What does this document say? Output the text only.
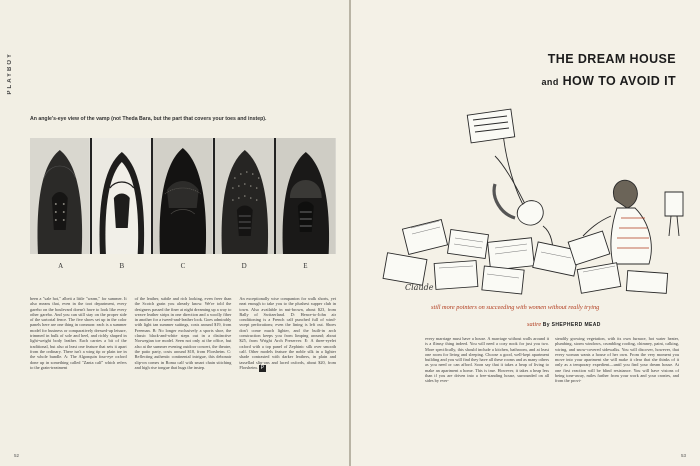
PLAYBOY
An angle's-eye view of the vamp (not Theda Bara, but the part that covers your toes and instep).
A	B	C	D	E
been a "sale hot," albeit a little "warm," for summer. It also means that, even in the toot department, every gareho on the boulevard doesn't have to look like every other gareho. And you can still stay on the proper side of the sartorial fence. The five shoes set up in the color panels here are one thing in common: each is a summer model for business or comparatively dressed-up leisure, trimmed in bulk of sole and heel, and richly shaped in light-weight body leather. Each carries a bit of the traditional, but also at least one feature that sets it apart from the ordinary. There isn't a wing tip or plain toe in the whole bundle. A: The Algonquin four-eye oxford done up in something called "Zanta calf" which refers to the grain-treatment
of the leather, subtle and rich looking, even freer than the Scotch grain you already know. We're told the designers passed the finer at night dreaming up a way to weave leather strips in one direction and a woolly fiber in another for a tweed-and-leather look. Goes admirably with light tan summer suitings, costs around $19, from Freeman. B: No longer exclusively a sports shoe, the classic black-and-white steps out in a distinctive Norwegian toe model. Seen not only at the office, but also at the summer evening outdoor concert, the theatre, the patio party, costs around $18, from Florsheim. C: Reflecting authentic continental intrigue, this debonair slip-on comes in Roma calf with smart chain stitching and high rise tongue that hugs the instep.
An exceptionally wise companion for walk shorts, yet neat enough to take you to the plushest supper club in town. Also available in nut-brown, about $23, from Bally of Switzerland. D: Hence-to-John air conditioning is a French calf punched full of wind-swept perforations; even the lining is left out. Shoes don't come much lighter, and the built-in arch construction keeps you from limping around; about $25, from Wright Arch Preserver. E: A three-eyelet oxford with a top panel of Zephinic silk over smooth calf. Other models feature the noble silk in a lighter shade contrasted with darker leathers, in plain and tassellad slip-ons and laced oxfords, about $20, from Florsheim. P
52
THE DREAM HOUSE
and HOW TO AVOID IT
Claude
still more pointers on succeeding with women without really trying
satire By SHEPHERD MEAD
every marriage must have a house. A marriage without walls around it is a flimsy thing indeed. You will need a cozy nook for just you two. More specifically, this should include a kitchen, bathroom, and at least one room for living and sleeping. Choose a good, well-kept apartment building and you will find they have all these rooms and as many others as you need or can afford. Soon say that it takes a heap of living to make an apartment a home. This is true. However, it takes a heap less than if you are driven into a free-standing house, surrounded on all sides by ever-
steadily growing vegetation, with its own furnace, hot water heater, plumbing, storm windows, crumbling roofing, chimney, paint, calking, wiring, and snow-covered sidewalks. You will discover, however, that every woman wants a house of her own. From the very moment you move into your apartment she will make it clear that she thinks of it only as a temporary expedient—until you find your dream house. At one first reaction will be blind resistance. You will have visions of being tone-away, miles farther from your work and your cronies, and from the provi-
53
